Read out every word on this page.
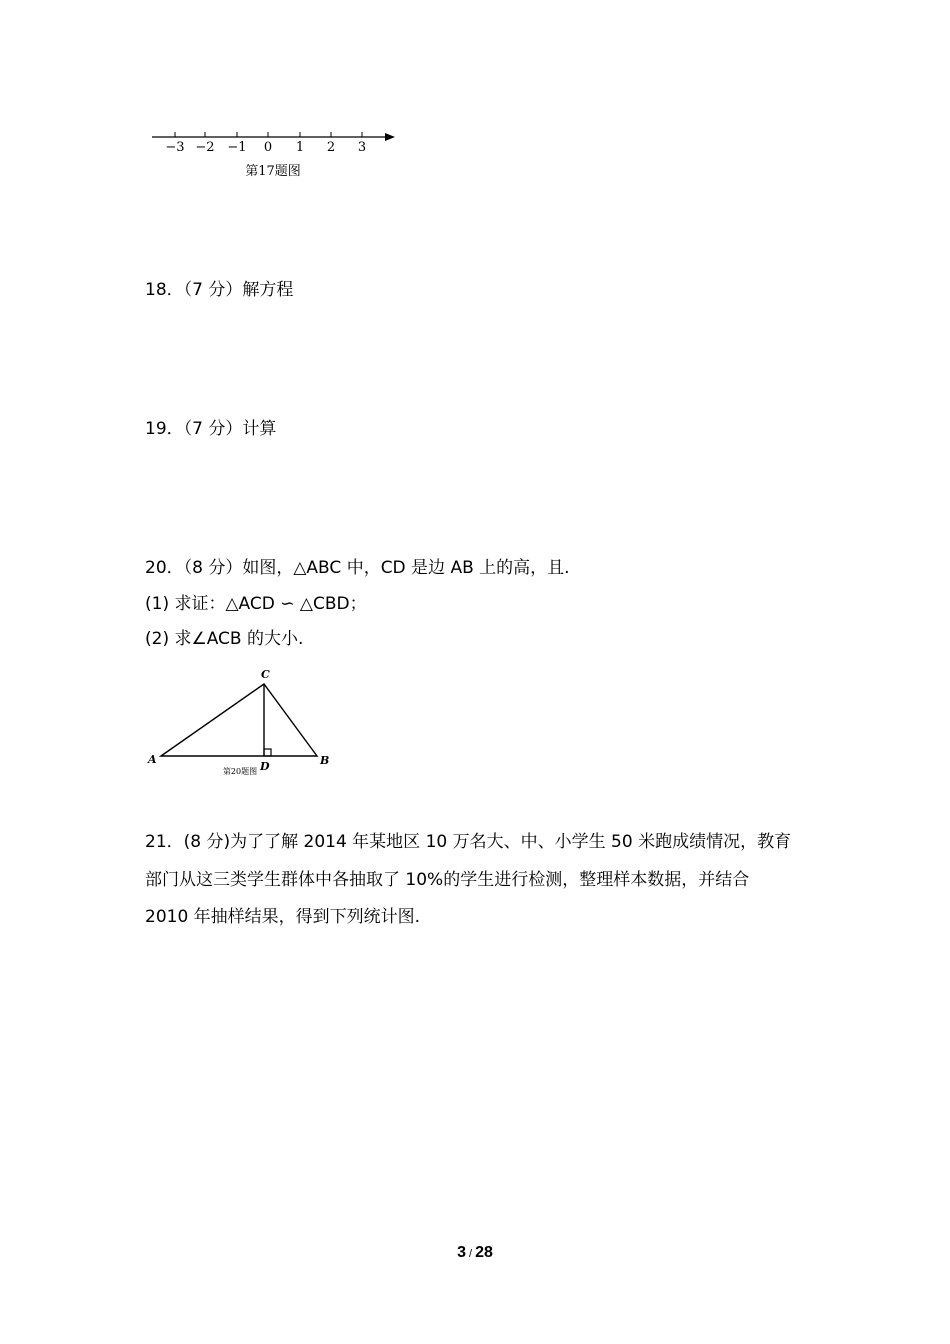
−3 −2 −1 0 1 2 3
第17题图
18．（7 分）解方程
19．（7 分）计算
20．（8 分）如图，△ABC 中，CD 是边 AB 上的高，且.
(1) 求证：△ACD ∽ △CBD；
(2) 求∠ACB 的大小.
C
A	B
D
第20题图
21．(8 分)为了了解 2014 年某地区 10 万名大、中、小学生 50 米跑成绩情况，教育
部门从这三类学生群体中各抽取了 10%的学生进行检测，整理样本数据，并结合
2010 年抽样结果，得到下列统计图.
3 / 28
